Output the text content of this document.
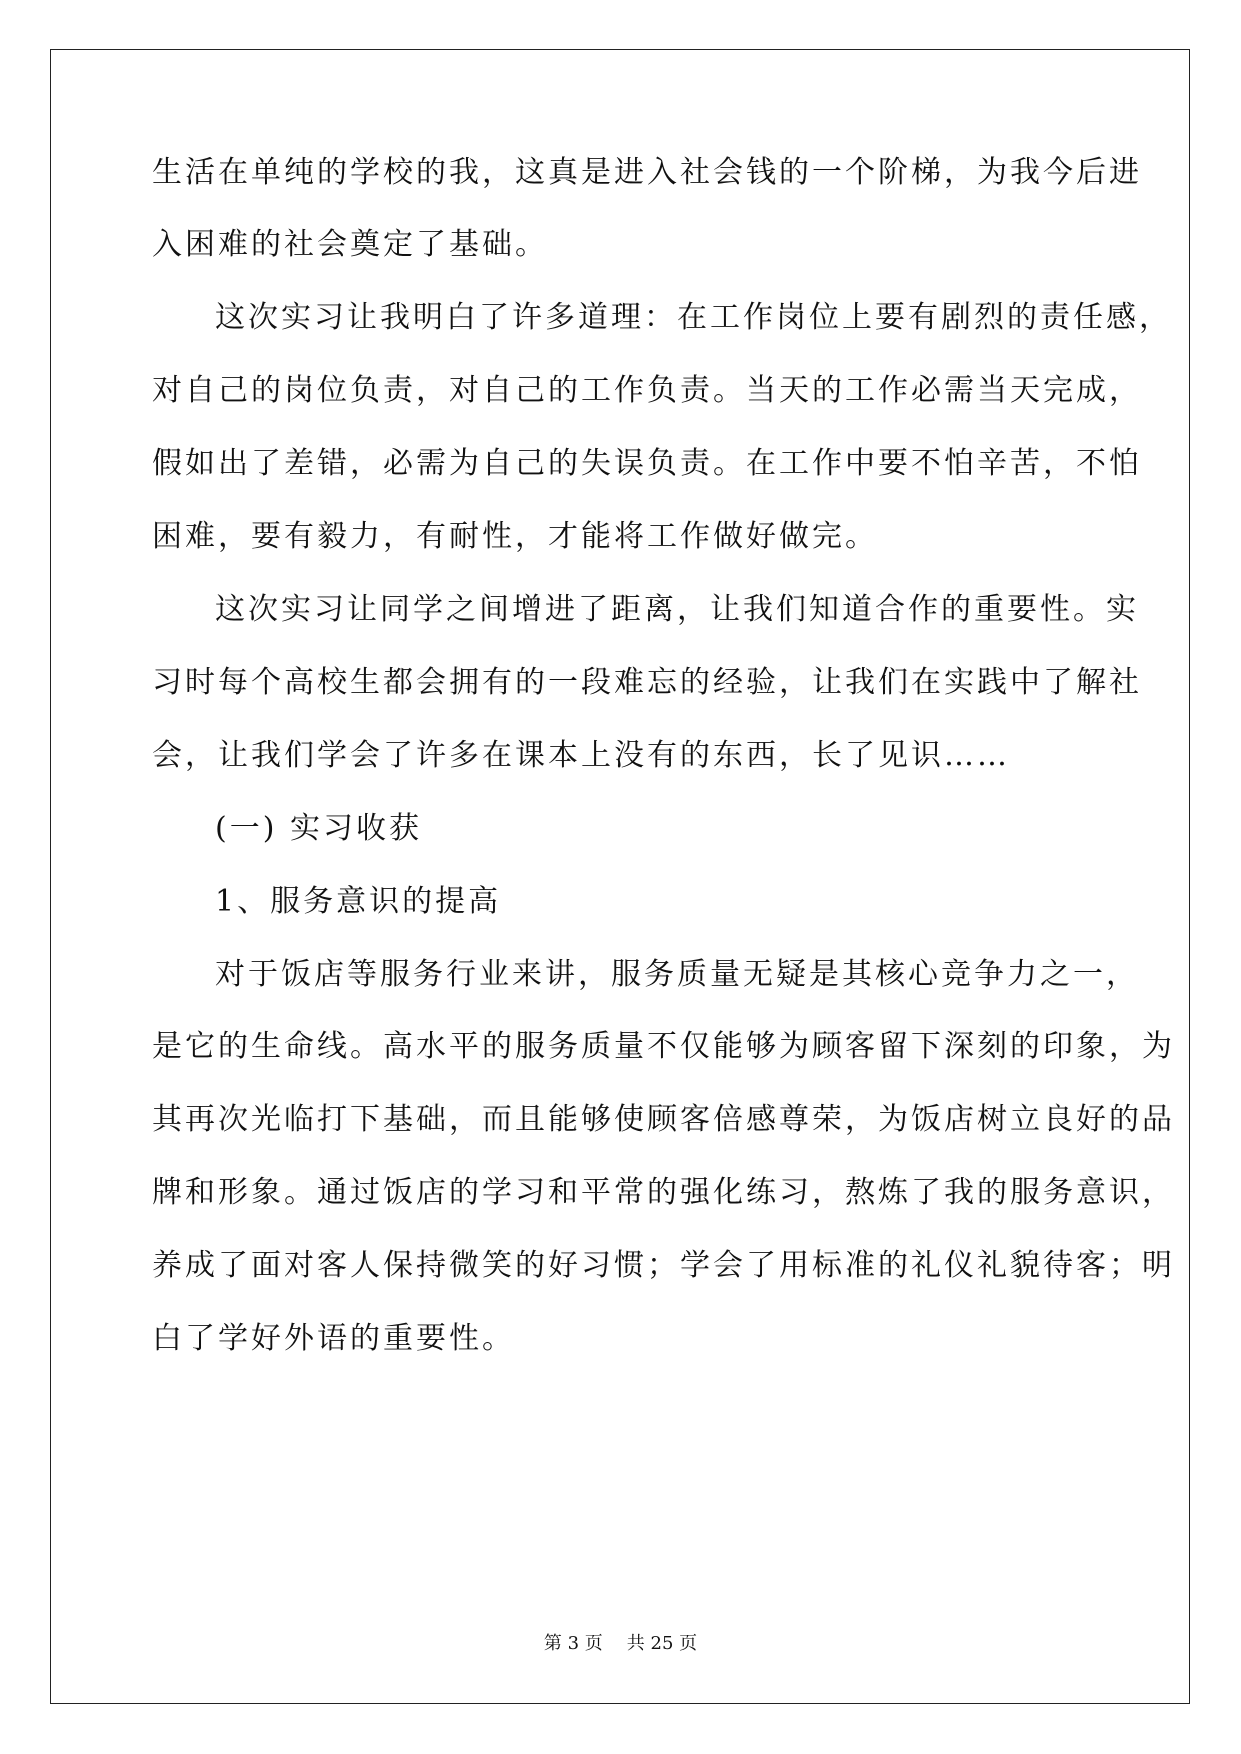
生活在单纯的学校的我，这真是进入社会钱的一个阶梯，为我今后进
入困难的社会奠定了基础。
这次实习让我明白了许多道理：在工作岗位上要有剧烈的责任感，
对自己的岗位负责，对自己的工作负责。当天的工作必需当天完成，
假如出了差错，必需为自己的失误负责。在工作中要不怕辛苦，不怕
困难，要有毅力，有耐性，才能将工作做好做完。
这次实习让同学之间增进了距离，让我们知道合作的重要性。实
习时每个高校生都会拥有的一段难忘的经验，让我们在实践中了解社
会，让我们学会了许多在课本上没有的东西，长了见识……
(一) 实习收获
1、服务意识的提高
对于饭店等服务行业来讲，服务质量无疑是其核心竞争力之一，
是它的生命线。高水平的服务质量不仅能够为顾客留下深刻的印象，为
其再次光临打下基础，而且能够使顾客倍感尊荣，为饭店树立良好的品
牌和形象。通过饭店的学习和平常的强化练习，熬炼了我的服务意识，
养成了面对客人保持微笑的好习惯；学会了用标准的礼仪礼貌待客；明
白了学好外语的重要性。
第 3 页 共 25 页
